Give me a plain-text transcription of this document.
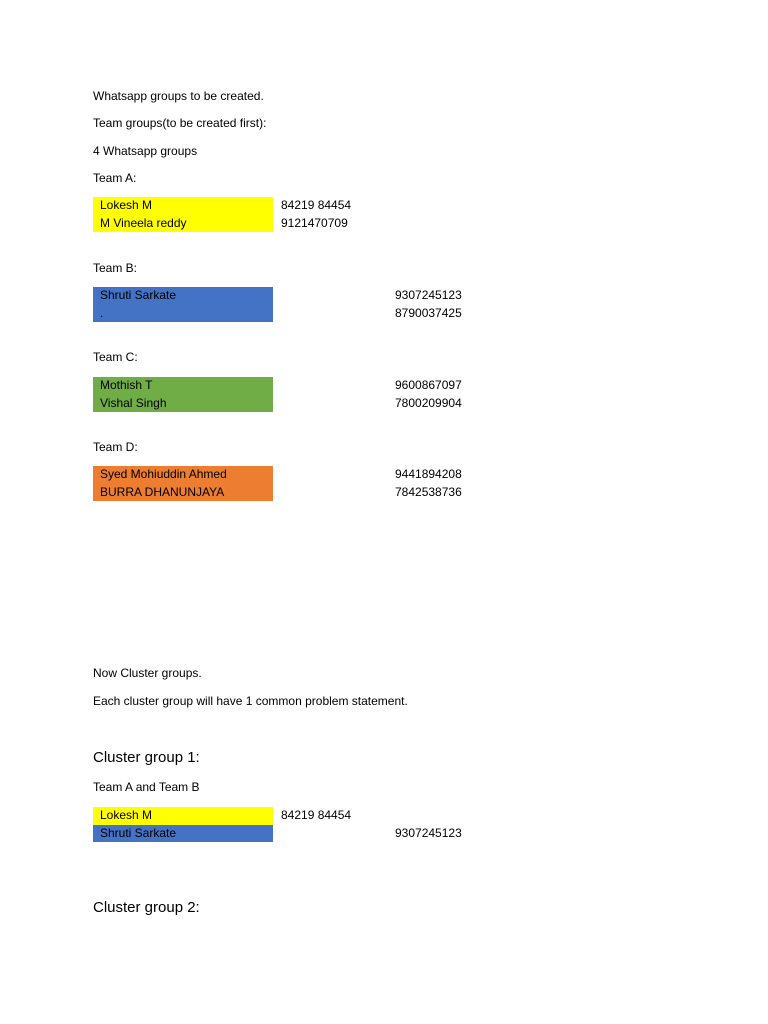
Whatsapp groups to be created.
Team groups(to be created first):
4 Whatsapp groups
Team A:
Lokesh M	84219 84454
M Vineela reddy	9121470709
Team B:
Shruti Sarkate	9307245123
.	8790037425
Team C:
Mothish T	9600867097
Vishal Singh	7800209904
Team D:
Syed Mohiuddin Ahmed	9441894208
BURRA DHANUNJAYA	7842538736
Now Cluster groups.
Each cluster group will have 1 common problem statement.
Cluster group 1:
Team A and Team B
Lokesh M	84219 84454
Shruti Sarkate	9307245123
Cluster group 2:
